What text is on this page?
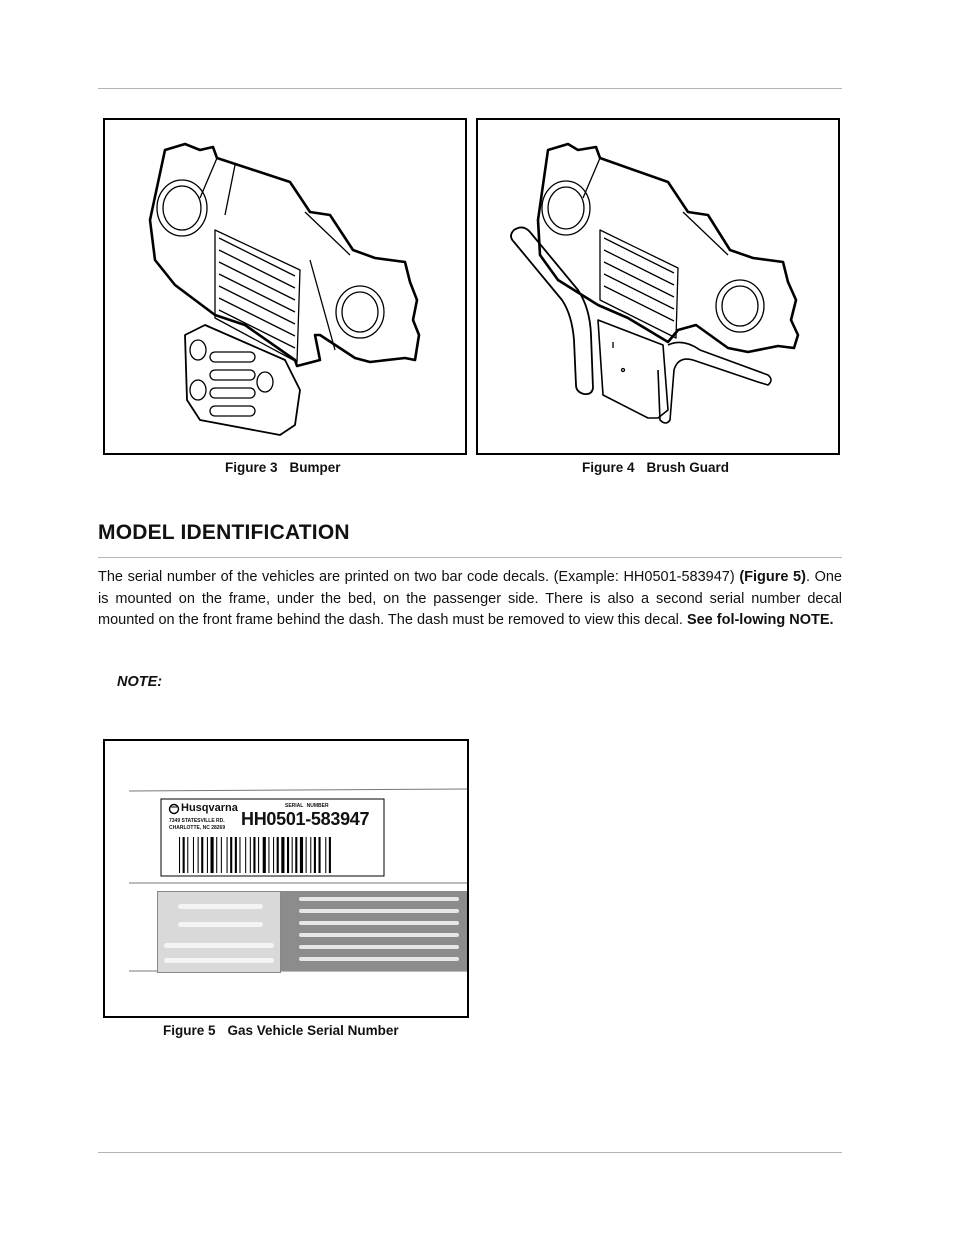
Figure 3 Bumper	Figure 4 Brush Guard
MODEL IDENTIFICATION

The serial number of the vehicles are printed on two bar code decals. (Example: HH0501-583947) (Figure 5). One is mounted on the frame, under the bed, on the passenger side. There is also a second serial number decal mounted on the front frame behind the dash. The dash must be removed to view this decal. See fol-lowing NOTE.

NOTE:
Husqvarna	SERIAL NUMBER
HH0501-583947
7349 STATESVILLE RD.
CHARLOTTE, NC 28269
Figure 5 Gas Vehicle Serial Number
